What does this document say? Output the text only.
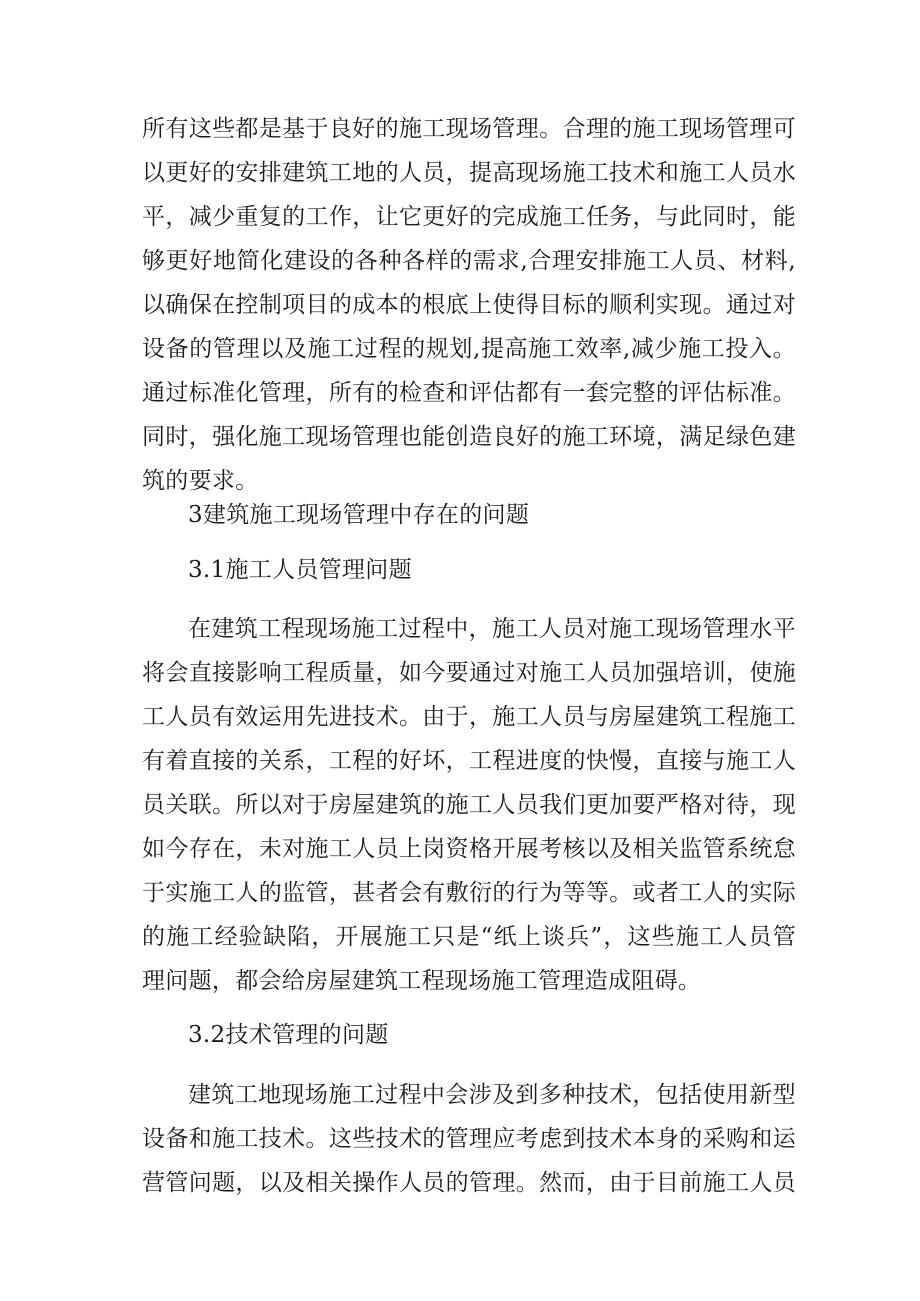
所有这些都是基于良好的施工现场管理。合理的施工现场管理可
以更好的安排建筑工地的人员，提高现场施工技术和施工人员水
平，减少重复的工作，让它更好的完成施工任务，与此同时，能
够更好地简化建设的各种各样的需求,合理安排施工人员、材料,
以确保在控制项目的成本的根底上使得目标的顺利实现。通过对
设备的管理以及施工过程的规划,提高施工效率,减少施工投入。
通过标准化管理，所有的检查和评估都有一套完整的评估标准。
同时，强化施工现场管理也能创造良好的施工环境，满足绿色建
筑的要求。
3建筑施工现场管理中存在的问题
3.1施工人员管理问题
在建筑工程现场施工过程中，施工人员对施工现场管理水平
将会直接影响工程质量，如今要通过对施工人员加强培训，使施
工人员有效运用先进技术。由于，施工人员与房屋建筑工程施工
有着直接的关系，工程的好坏，工程进度的快慢，直接与施工人
员关联。所以对于房屋建筑的施工人员我们更加要严格对待，现
如今存在，未对施工人员上岗资格开展考核以及相关监管系统怠
于实施工人的监管，甚者会有敷衍的行为等等。或者工人的实际
的施工经验缺陷，开展施工只是“纸上谈兵”，这些施工人员管
理问题，都会给房屋建筑工程现场施工管理造成阻碍。
3.2技术管理的问题
建筑工地现场施工过程中会涉及到多种技术，包括使用新型
设备和施工技术。这些技术的管理应考虑到技术本身的采购和运
营管问题，以及相关操作人员的管理。然而，由于目前施工人员
